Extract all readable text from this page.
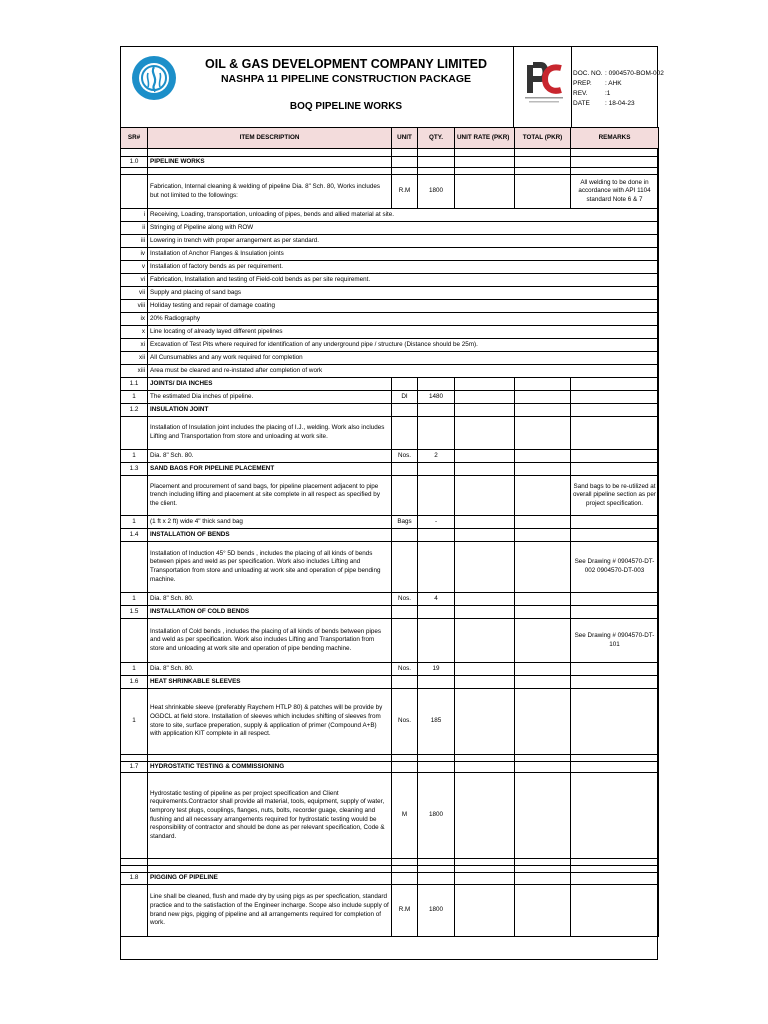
OIL & GAS DEVELOPMENT COMPANY LIMITED
NASHPA 11 PIPELINE CONSTRUCTION PACKAGE
BOQ PIPELINE WORKS
DOC. NO. : 0904570-BOM-002
PREP. : AHK
REV.	:1
DATE : 18-04-23
SR#	ITEM DESCRIPTION	UNIT	QTY.	UNIT RATE (PKR)	TOTAL (PKR)	REMARKS

1.0	PIPELINE WORKS					

	Fabrication, Internal cleaning & welding of pipeline Dia. 8" Sch. 80, Works includes but not limited to the followings:	R.M	1800			All welding to be done in accordance with API 1104 standard Note 6 & 7
i	Receiving, Loading, transportation, unloading of pipes, bends and allied material at site.					
ii	Stringing of Pipeline along with ROW					
iii	Lowering in trench with proper arrangement as per standard.					
iv	Installation of Anchor Flanges & Insulation joints					
v	Installation of factory bends as per requirement.					
vi	Fabrication, Installation and testing of Field-cold bends as per site requirement.					
vii	Supply and placing of sand bags					
viii	Holiday testing and repair of damage coating					
ix	20% Radiography					
x	Line locating of already layed different pipelines					
xi	Excavation of Test Pits where required for identification of any underground pipe / structure (Distance should be 25m).					
xii	All Cunsumables and any work required for completion					
xiii	Area must be cleared and re-instated after completion of work					
1.1	JOINTS/ DIA INCHES					
1	The estimated Dia inches of pipeline.	DI	1480			
1.2	INSULATION JOINT					
	Installation of Insulation joint includes the placing of I.J., welding. Work also includes Lifting and Transportation from store and unloading at work site.					
1	Dia. 8" Sch. 80.	Nos.	2			
1.3	SAND BAGS FOR PIPELINE PLACEMENT					
	Placement and procurement of sand bags, for pipeline placement adjacent to pipe trench including lifting and placement at site complete in all respect as specified by the client.					Sand bags to be re-utilized at overall pipeline section as per project specification.
1	(1 ft x 2 ft) wide 4" thick sand bag	Bags	-			
1.4	INSTALLATION OF BENDS					
	Installation of Induction 45° 5D bends , includes the placing of all kinds of bends between pipes and weld as per specification. Work also includes Lifting and Transportation from store and unloading at work site and operation of pipe bending machine.					See Drawing # 0904570-DT-002 0904570-DT-003
1	Dia. 8" Sch. 80.	Nos.	4			
1.5	INSTALLATION OF COLD BENDS					
	Installation of Cold bends , includes the placing of all kinds of bends between pipes and weld as per specification. Work also includes Lifting and Transportation from store and unloading at work site and operation of pipe bending machine.					See Drawing # 0904570-DT-101
1	Dia. 8" Sch. 80.	Nos.	19			
1.6	HEAT SHRINKABLE SLEEVES					
1	Heat shrinkable sleeve (preferably Raychem HTLP 80) & patches will be provide by OGDCL at field store. Installation of sleeves which includes shifting of sleeves from store to site, surface preperation, supply & application of primer (Compound A+B) with application KIT complete in all respect.	Nos.	185			

1.7	HYDROSTATIC TESTING & COMMISSIONING					
	Hydrostatic testing of pipeline as per project specification and Client requirements.Contractor shall provide all material, tools, equipment, supply of water, temprory test plugs, couplings, flanges, nuts, bolts, recorder guage, cleaning and flushing and all necessary arrangements required for hydrostatic testing would be responsibility of contractor and should be done as per relevant specification, Code & standard.	M	1800			

1.8	PIGGING OF PIPELINE					
	Line shall be cleaned, flush and made dry by using pigs as per specfication, standard practice and to the satisfaction of the Engineer incharge. Scope also include supply of brand new pigs, pigging of pipeline and all arrangements required for completion of work.	R.M	1800			
